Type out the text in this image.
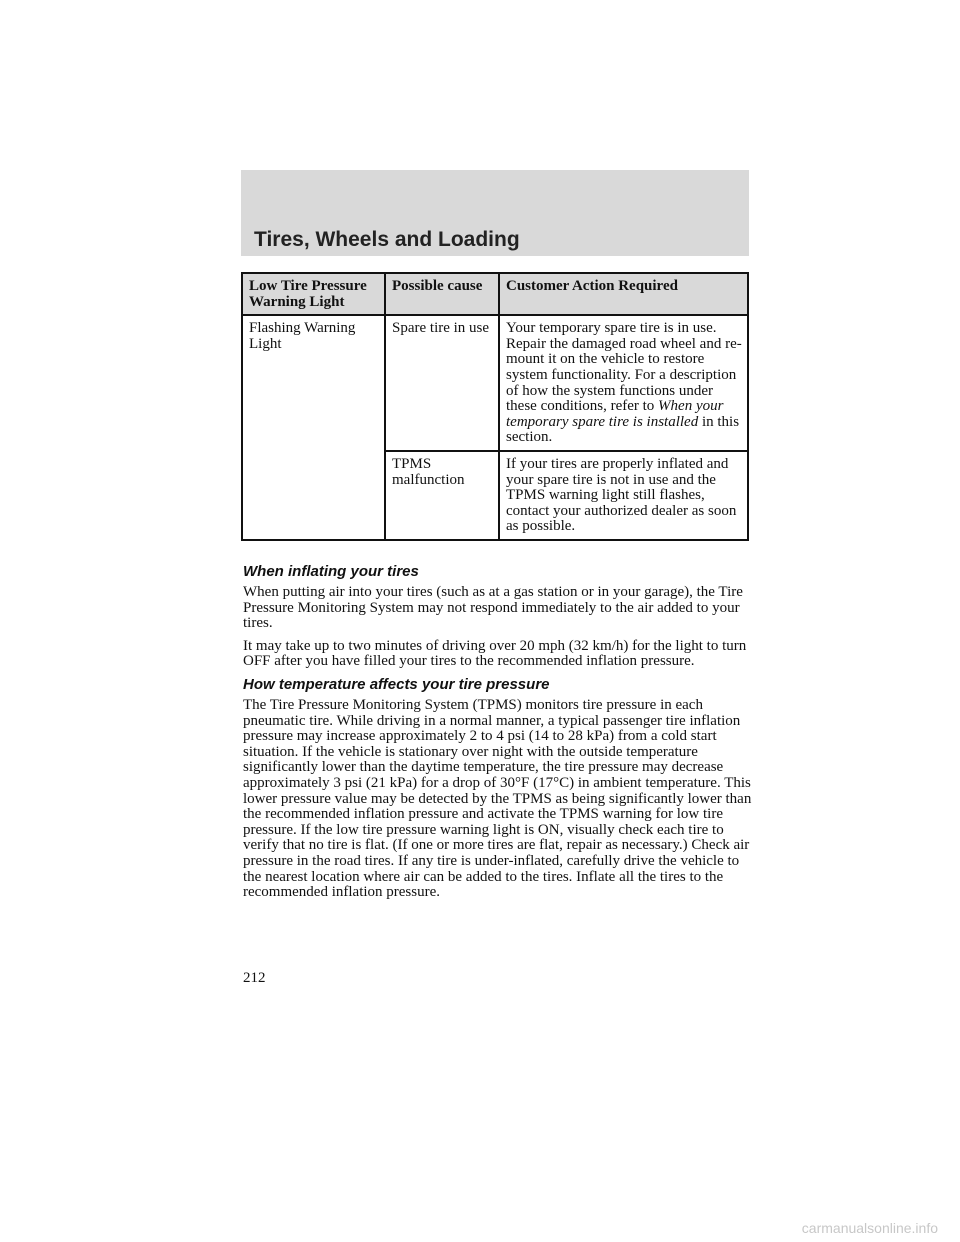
Tires, Wheels and Loading
Low Tire Pressure Warning Light	Possible cause	Customer Action Required
Flashing Warning Light	Spare tire in use	Your temporary spare tire is in use. Repair the damaged road wheel and re-mount it on the vehicle to restore system functionality. For a description of how the system functions under these conditions, refer to When your temporary spare tire is installed in this section.
	TPMS malfunction	If your tires are properly inflated and your spare tire is not in use and the TPMS warning light still flashes, contact your authorized dealer as soon as possible.
When inflating your tires

When putting air into your tires (such as at a gas station or in your garage), the Tire Pressure Monitoring System may not respond immediately to the air added to your tires.

It may take up to two minutes of driving over 20 mph (32 km/h) for the light to turn OFF after you have filled your tires to the recommended inflation pressure.

How temperature affects your tire pressure

The Tire Pressure Monitoring System (TPMS) monitors tire pressure in each pneumatic tire. While driving in a normal manner, a typical passenger tire inflation pressure may increase approximately 2 to 4 psi (14 to 28 kPa) from a cold start situation. If the vehicle is stationary over night with the outside temperature significantly lower than the daytime temperature, the tire pressure may decrease approximately 3 psi (21 kPa) for a drop of 30°F (17°C) in ambient temperature. This lower pressure value may be detected by the TPMS as being significantly lower than the recommended inflation pressure and activate the TPMS warning for low tire pressure. If the low tire pressure warning light is ON, visually check each tire to verify that no tire is flat. (If one or more tires are flat, repair as necessary.) Check air pressure in the road tires. If any tire is under-inflated, carefully drive the vehicle to the nearest location where air can be added to the tires. Inflate all the tires to the recommended inflation pressure.

212

carmanualsonline.info
